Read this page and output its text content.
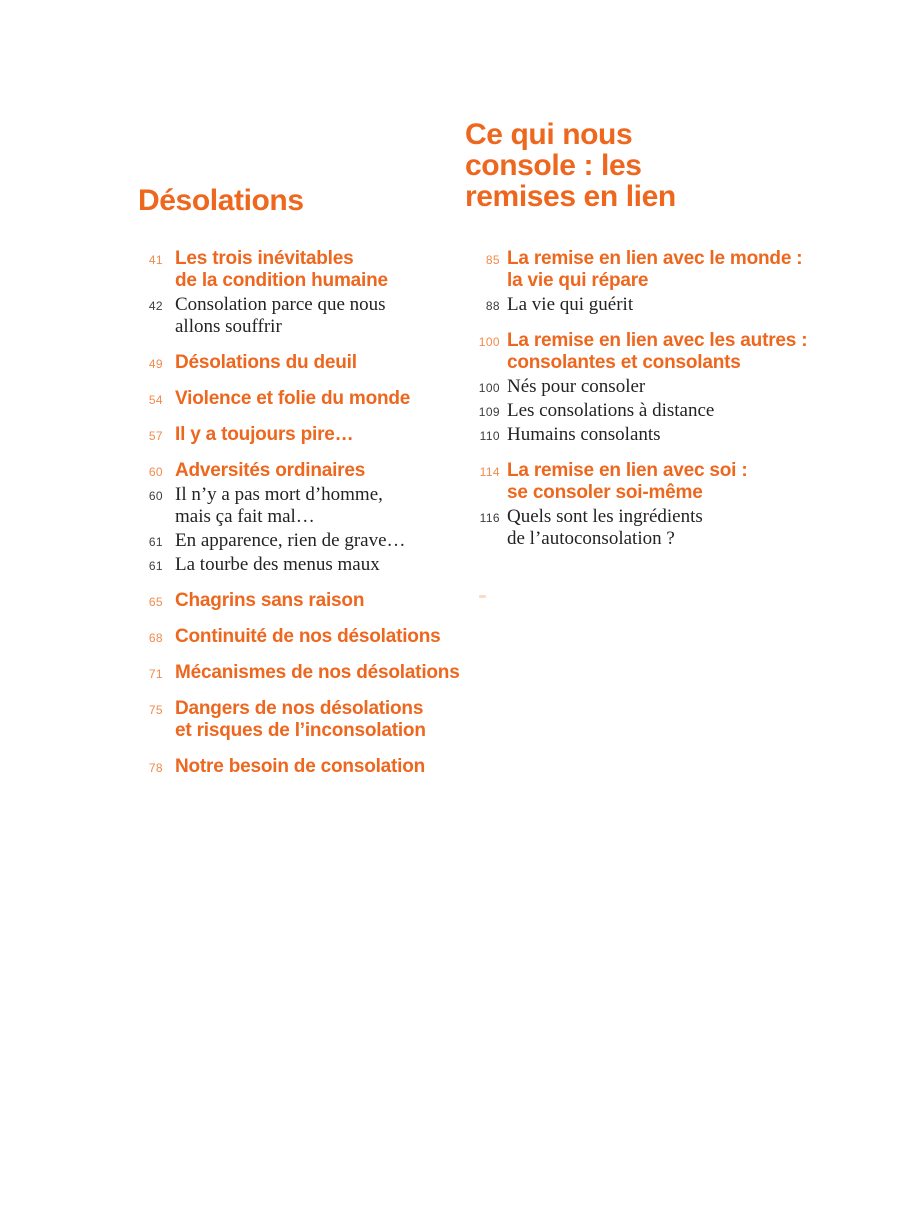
Désolations
41 Les trois inévitables
de la condition humaine
42 Consolation parce que nous
allons souffrir
49 Désolations du deuil
54 Violence et folie du monde
57 Il y a toujours pire…
60 Adversités ordinaires
60 Il n’y a pas mort d’homme,
mais ça fait mal…
61 En apparence, rien de grave…
61 La tourbe des menus maux
65 Chagrins sans raison
68 Continuité de nos désolations
71 Mécanismes de nos désolations
75 Dangers de nos désolations
et risques de l’inconsolation
78 Notre besoin de consolation
Ce qui nous
console : les
remises en lien
85 La remise en lien avec le monde :
la vie qui répare
88 La vie qui guérit
100 La remise en lien avec les autres :
consolantes et consolants
100 Nés pour consoler
109 Les consolations à distance
110 Humains consolants
114 La remise en lien avec soi :
se consoler soi-même
116 Quels sont les ingrédients
de l’autoconsolation ?
